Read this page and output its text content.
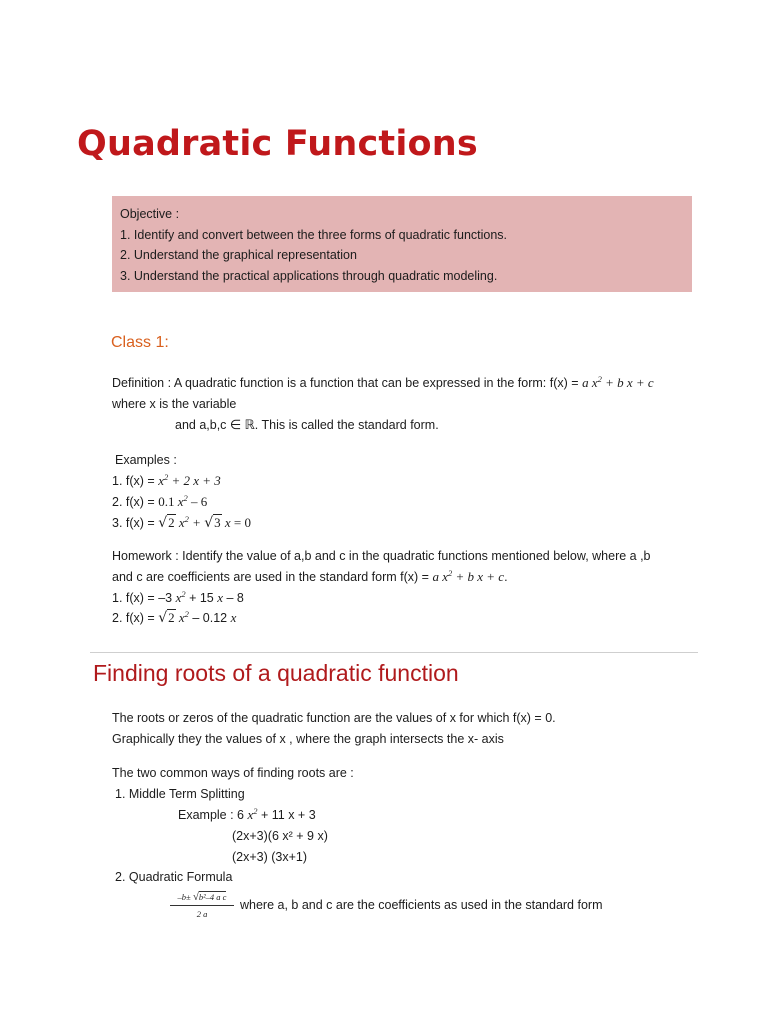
Quadratic Functions
Objective :
1. Identify and convert between the three forms of quadratic functions.
2. Understand the graphical representation
3. Understand the practical applications through quadratic modeling.
Class 1:
Definition : A quadratic function is a function that can be expressed in the form: f(x) = a $x^2 + b$ x + c
where x is the variable
and a,b,c ∈ ℝ. This is called the standard form.
Examples :
1. $f(x) = x^2 + 2$ x + 3
2. f(x) = 0.1 $x^2 - 6$
3. f(x) = √2 $x^2 + √3$ x = 0
Homework : Identify the value of a,b and c in the quadratic functions mentioned below, where a ,b
and c are coefficients are used in the standard form f(x) = a $x^2 + b$ x + c.
1. f(x) = –3 $x^2 + 15$ x – 8
2. f(x) = √2 $x^2 - 0.12$ x
Finding roots of a quadratic function
The roots or zeros of the quadratic function are the values of x for which f(x) = 0.
Graphically they the values of x , where the graph intersects the x- axis
The two common ways of finding roots are :
1. Middle Term Splitting
Example : 6 $x^2 + 11$ x + 3
(2x+3)(6 x² + 9 x)
(2x+3) (3x+1)
2. Quadratic Formula
$\frac{\text{–b± √b²–4 a c}}{2 a}$ where a, b and c are the coefficients as used in the standard form
